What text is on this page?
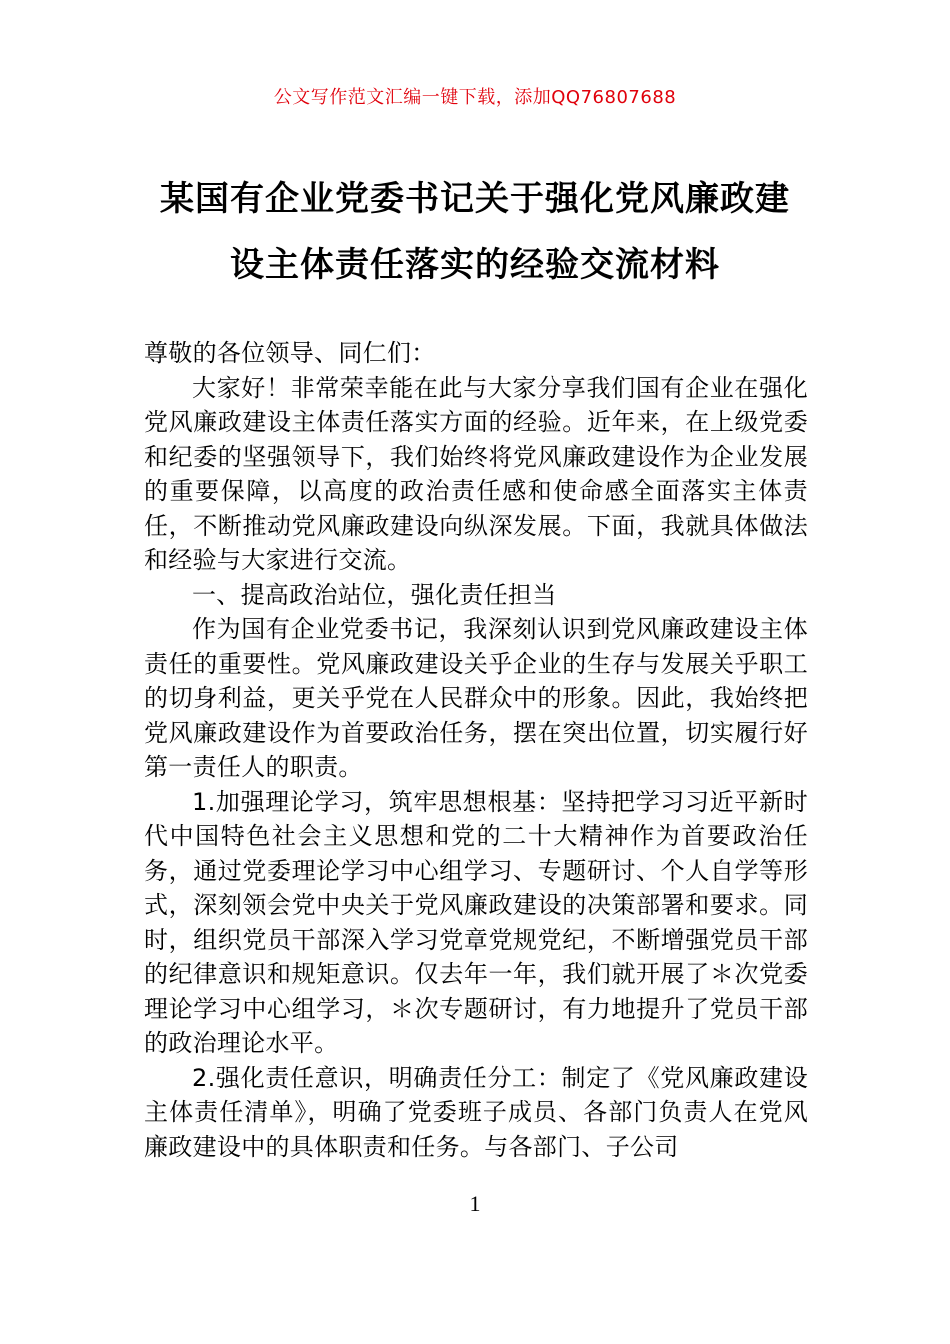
公文写作范文汇编一键下载，添加QQ76807688
某国有企业党委书记关于强化党风廉政建
设主体责任落实的经验交流材料

尊敬的各位领导、同仁们：

大家好！非常荣幸能在此与大家分享我们国有企业在强化党风廉政建设主体责任落实方面的经验。近年来，在上级党委和纪委的坚强领导下，我们始终将党风廉政建设作为企业发展的重要保障，以高度的政治责任感和使命感全面落实主体责任，不断推动党风廉政建设向纵深发展。下面，我就具体做法和经验与大家进行交流。

一、提高政治站位，强化责任担当

作为国有企业党委书记，我深刻认识到党风廉政建设主体责任的重要性。党风廉政建设关乎企业的生存与发展关乎职工的切身利益，更关乎党在人民群众中的形象。因此，我始终把党风廉政建设作为首要政治任务，摆在突出位置，切实履行好第一责任人的职责。

1.加强理论学习，筑牢思想根基：坚持把学习习近平新时代中国特色社会主义思想和党的二十大精神作为首要政治任务，通过党委理论学习中心组学习、专题研讨、个人自学等形式，深刻领会党中央关于党风廉政建设的决策部署和要求。同时，组织党员干部深入学习党章党规党纪，不断增强党员干部的纪律意识和规矩意识。仅去年一年，我们就开展了＊次党委理论学习中心组学习，＊次专题研讨，有力地提升了党员干部的政治理论水平。

2.强化责任意识，明确责任分工：制定了《党风廉政建设主体责任清单》，明确了党委班子成员、各部门负责人在党风廉政建设中的具体职责和任务。与各部门、子公司

1
